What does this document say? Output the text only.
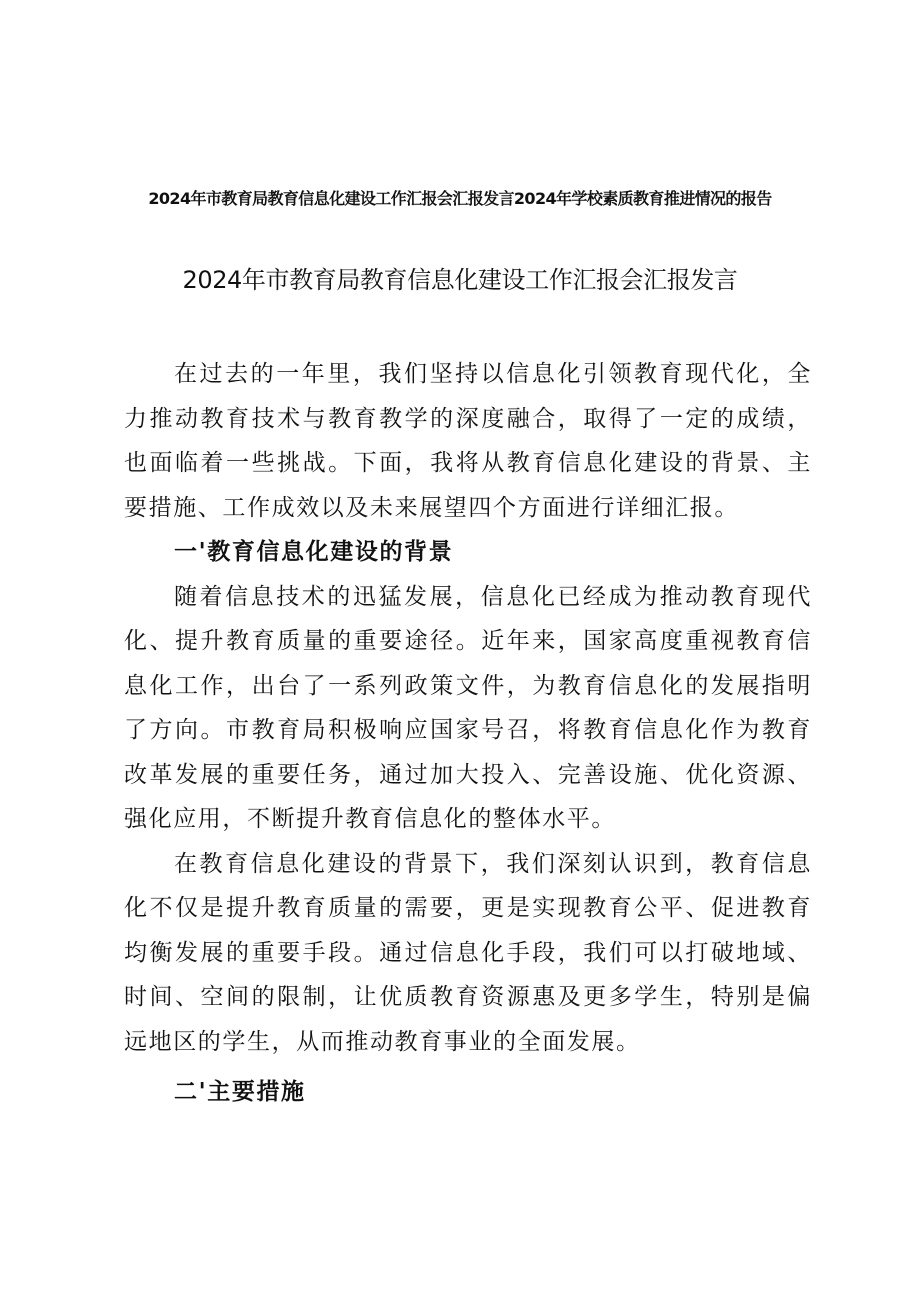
2024年市教育局教育信息化建设工作汇报会汇报发言2024年学校素质教育推进情况的报告
2024年市教育局教育信息化建设工作汇报会汇报发言

在过去的一年里，我们坚持以信息化引领教育现代化，全力推动教育技术与教育教学的深度融合，取得了一定的成绩，也面临着一些挑战。下面，我将从教育信息化建设的背景、主要措施、工作成效以及未来展望四个方面进行详细汇报。

一'教育信息化建设的背景

随着信息技术的迅猛发展，信息化已经成为推动教育现代化、提升教育质量的重要途径。近年来，国家高度重视教育信息化工作，出台了一系列政策文件，为教育信息化的发展指明了方向。市教育局积极响应国家号召，将教育信息化作为教育改革发展的重要任务，通过加大投入、完善设施、优化资源、强化应用，不断提升教育信息化的整体水平。

在教育信息化建设的背景下，我们深刻认识到，教育信息化不仅是提升教育质量的需要，更是实现教育公平、促进教育均衡发展的重要手段。通过信息化手段，我们可以打破地域、时间、空间的限制，让优质教育资源惠及更多学生，特别是偏远地区的学生，从而推动教育事业的全面发展。

二'主要措施
